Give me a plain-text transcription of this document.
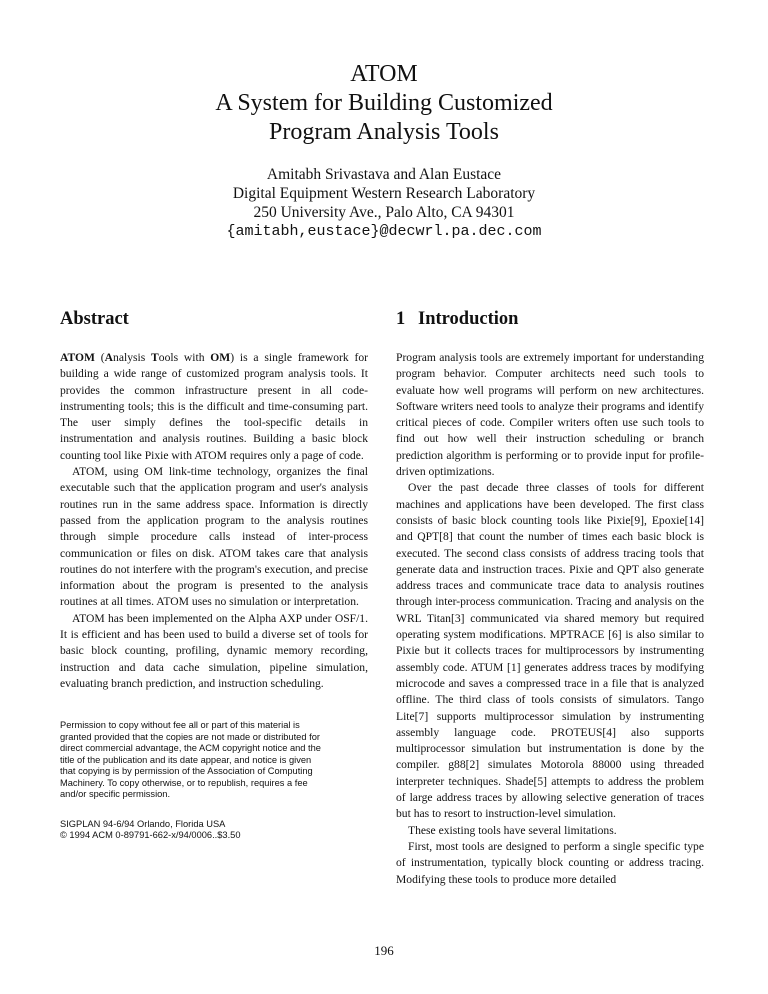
ATOM
A System for Building Customized
Program Analysis Tools
Amitabh Srivastava and Alan Eustace
Digital Equipment Western Research Laboratory
250 University Ave., Palo Alto, CA 94301
{amitabh,eustace}@decwrl.pa.dec.com
Abstract

ATOM (Analysis Tools with OM) is a single framework for building a wide range of customized program analysis tools. It provides the common infrastructure present in all code-instrumenting tools; this is the difficult and time-consuming part. The user simply defines the tool-specific details in instrumentation and analysis routines. Building a basic block counting tool like Pixie with ATOM requires only a page of code.

ATOM, using OM link-time technology, organizes the final executable such that the application program and user's analysis routines run in the same address space. Information is directly passed from the application program to the analysis routines through simple procedure calls instead of inter-process communication or files on disk. ATOM takes care that analysis routines do not interfere with the program's execution, and precise information about the program is presented to the analysis routines at all times. ATOM uses no simulation or interpretation.

ATOM has been implemented on the Alpha AXP under OSF/1. It is efficient and has been used to build a diverse set of tools for basic block counting, profiling, dynamic memory recording, instruction and data cache simulation, pipeline simulation, evaluating branch prediction, and instruction scheduling.

Permission to copy without fee all or part of this material is
granted provided that the copies are not made or distributed for
direct commercial advantage, the ACM copyright notice and the
title of the publication and its date appear, and notice is given
that copying is by permission of the Association of Computing
Machinery. To copy otherwise, or to republish, requires a fee
and/or specific permission.
SIGPLAN 94-6/94 Orlando, Florida USA
© 1994 ACM 0-89791-662-x/94/0006..$3.50
1 Introduction

Program analysis tools are extremely important for understanding program behavior. Computer architects need such tools to evaluate how well programs will perform on new architectures. Software writers need tools to analyze their programs and identify critical pieces of code. Compiler writers often use such tools to find out how well their instruction scheduling or branch prediction algorithm is performing or to provide input for profile-driven optimizations.

Over the past decade three classes of tools for different machines and applications have been developed. The first class consists of basic block counting tools like Pixie[9], Epoxie[14] and QPT[8] that count the number of times each basic block is executed. The second class consists of address tracing tools that generate data and instruction traces. Pixie and QPT also generate address traces and communicate trace data to analysis routines through inter-process communication. Tracing and analysis on the WRL Titan[3] communicated via shared memory but required operating system modifications. MPTRACE [6] is also similar to Pixie but it collects traces for multiprocessors by instrumenting assembly code. ATUM [1] generates address traces by modifying microcode and saves a compressed trace in a file that is analyzed offline. The third class of tools consists of simulators. Tango Lite[7] supports multiprocessor simulation by instrumenting assembly language code. PROTEUS[4] also supports multiprocessor simulation but instrumentation is done by the compiler. g88[2] simulates Motorola 88000 using threaded interpreter techniques. Shade[5] attempts to address the problem of large address traces by allowing selective generation of traces but has to resort to instruction-level simulation.

These existing tools have several limitations.

First, most tools are designed to perform a single specific type of instrumentation, typically block counting or address tracing. Modifying these tools to produce more detailed

196
